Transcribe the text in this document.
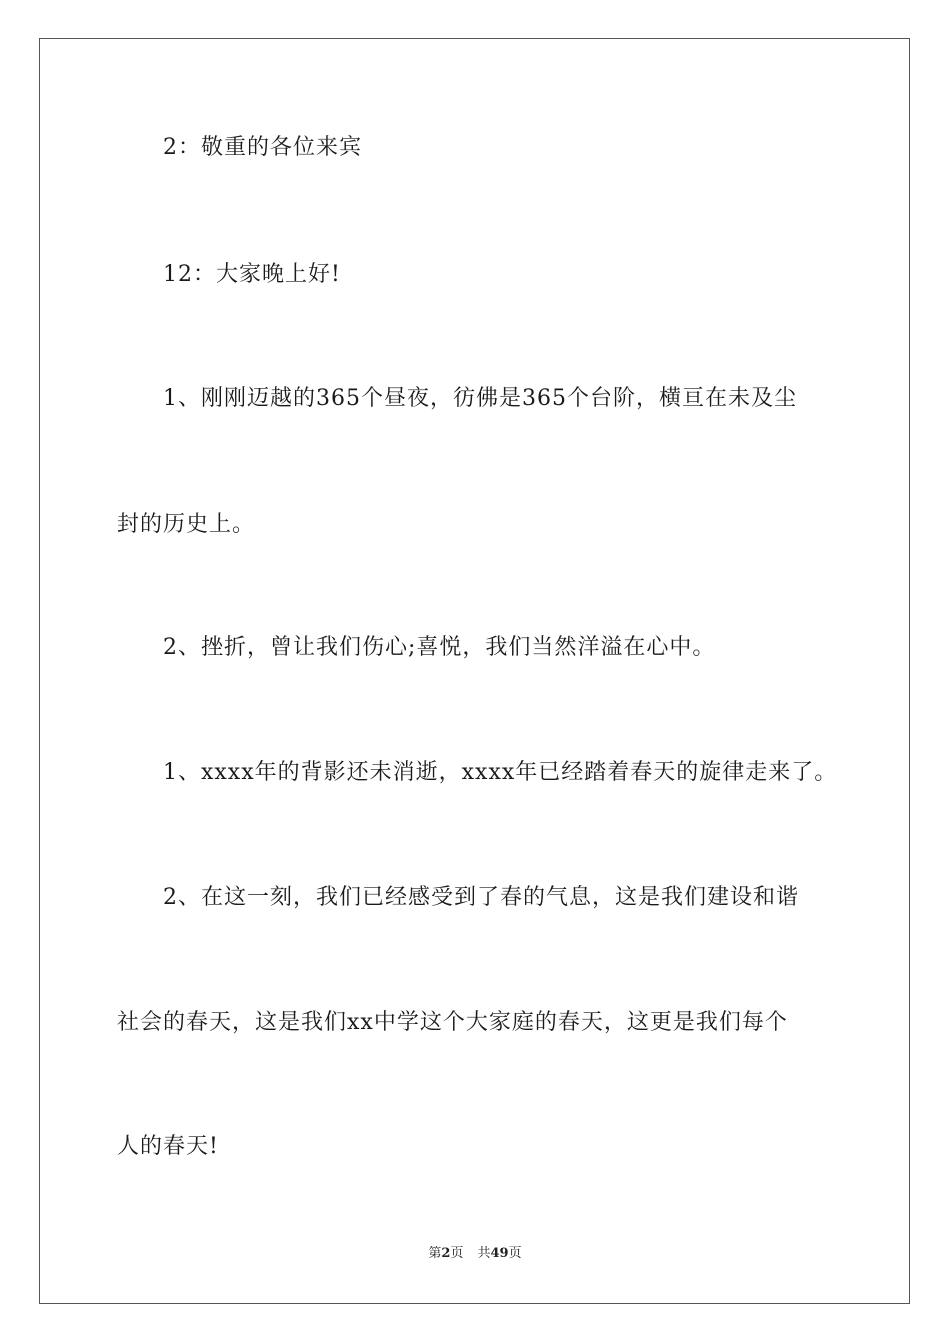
2：敬重的各位来宾
12：大家晚上好!
1、刚刚迈越的365个昼夜，彷佛是365个台阶，横亘在未及尘
封的历史上。
2、挫折，曾让我们伤心;喜悦，我们当然洋溢在心中。
1、xxxx年的背影还未消逝，xxxx年已经踏着春天的旋律走来了。
2、在这一刻，我们已经感受到了春的气息，这是我们建设和谐
社会的春天，这是我们xx中学这个大家庭的春天，这更是我们每个
人的春天!
第2页 共49页
